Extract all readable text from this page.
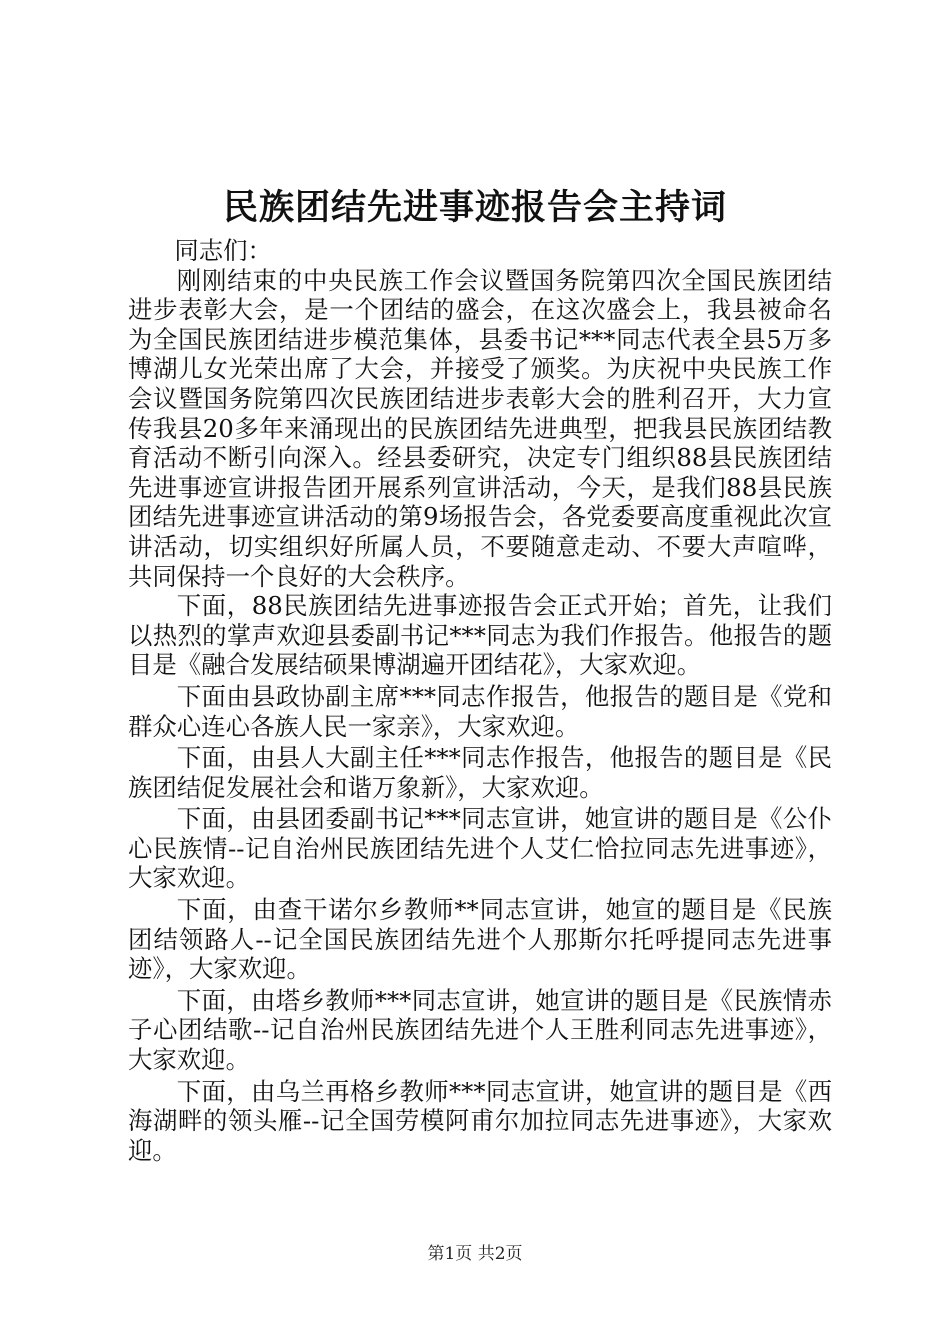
民族团结先进事迹报告会主持词

同志们：

刚刚结束的中央民族工作会议暨国务院第四次全国民族团结进步表彰大会，是一个团结的盛会，在这次盛会上，我县被命名为全国民族团结进步模范集体，县委书记***同志代表全县5万多博湖儿女光荣出席了大会，并接受了颁奖。为庆祝中央民族工作会议暨国务院第四次民族团结进步表彰大会的胜利召开，大力宣传我县20多年来涌现出的民族团结先进典型，把我县民族团结教育活动不断引向深入。经县委研究，决定专门组织88县民族团结先进事迹宣讲报告团开展系列宣讲活动，今天，是我们88县民族团结先进事迹宣讲活动的第9场报告会，各党委要高度重视此次宣讲活动，切实组织好所属人员，不要随意走动、不要大声喧哗，共同保持一个良好的大会秩序。

下面，88民族团结先进事迹报告会正式开始；首先，让我们以热烈的掌声欢迎县委副书记***同志为我们作报告。他报告的题目是《融合发展结硕果博湖遍开团结花》，大家欢迎。

下面由县政协副主席***同志作报告，他报告的题目是《党和群众心连心各族人民一家亲》，大家欢迎。

下面，由县人大副主任***同志作报告，他报告的题目是《民族团结促发展社会和谐万象新》，大家欢迎。

下面，由县团委副书记***同志宣讲，她宣讲的题目是《公仆心民族情--记自治州民族团结先进个人艾仁恰拉同志先进事迹》，大家欢迎。

下面，由查干诺尔乡教师**同志宣讲，她宣的题目是《民族团结领路人--记全国民族团结先进个人那斯尔托呼提同志先进事迹》，大家欢迎。

下面，由塔乡教师***同志宣讲，她宣讲的题目是《民族情赤子心团结歌--记自治州民族团结先进个人王胜利同志先进事迹》，大家欢迎。

下面，由乌兰再格乡教师***同志宣讲，她宣讲的题目是《西海湖畔的领头雁--记全国劳模阿甫尔加拉同志先进事迹》，大家欢迎。

第1页 共2页
